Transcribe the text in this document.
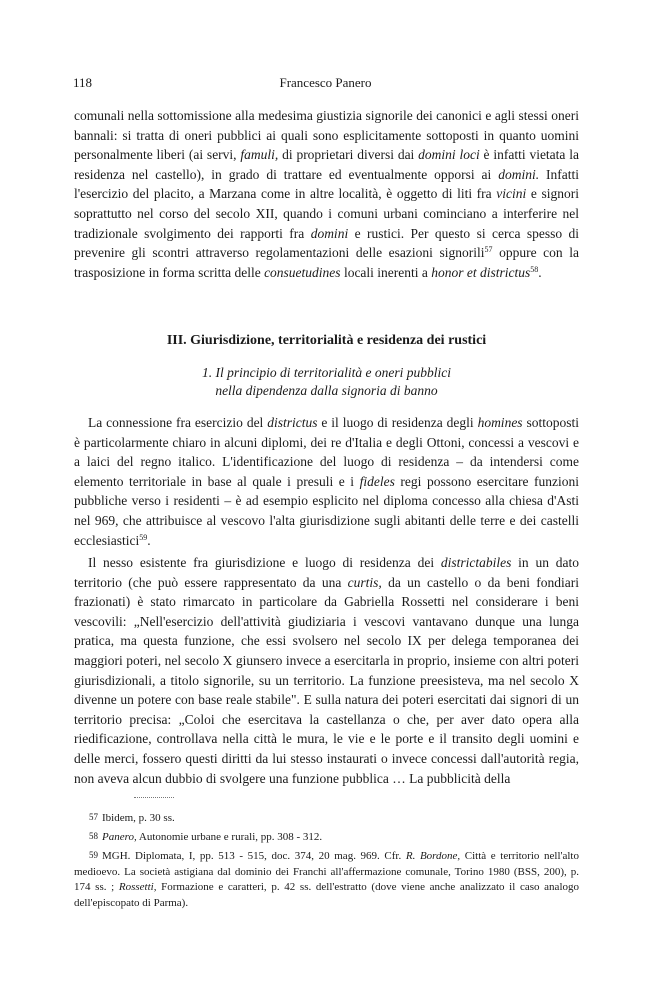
118	Francesco Panero

comunali nella sottomissione alla medesima giustizia signorile dei canonici e agli stessi oneri bannali: si tratta di oneri pubblici ai quali sono esplicitamente sottoposti in quanto uomini personalmente liberi (ai servi, famuli, di proprietari diversi dai domini loci è infatti vietata la residenza nel castello), in grado di trattare ed eventualmente opporsi ai domini. Infatti l'esercizio del placito, a Marzana come in altre località, è oggetto di liti fra vicini e signori soprattutto nel corso del secolo XII, quando i comuni urbani cominciano a interferire nel tradizionale svolgimento dei rapporti fra domini e rustici. Per questo si cerca spesso di prevenire gli scontri attraverso regolamentazioni delle esazioni signorili$^{57}$ oppure con la trasposizione in forma scritta delle consuetudines locali inerenti a honor et districtus$^{58}$.

III. Giurisdizione, territorialità e residenza dei rustici
1. Il principio di territorialità e oneri pubblici
nella dipendenza dalla signoria di banno

La connessione fra esercizio del districtus e il luogo di residenza degli homines sottoposti è particolarmente chiaro in alcuni diplomi, dei re d'Italia e degli Ottoni, concessi a vescovi e a laici del regno italico. L'identificazione del luogo di residenza – da intendersi come elemento territoriale in base al quale i presuli e i fideles regi possono esercitare funzioni pubbliche verso i residenti – è ad esempio esplicito nel diploma concesso alla chiesa d'Asti nel 969, che attribuisce al vescovo l'alta giurisdizione sugli abitanti delle terre e dei castelli ecclesiastici$^{59}$.

Il nesso esistente fra giurisdizione e luogo di residenza dei districtabiles in un dato territorio (che può essere rappresentato da una curtis, da un castello o da beni fondiari frazionati) è stato rimarcato in particolare da Gabriella Rossetti nel considerare i beni vescovili: „Nell'esercizio dell'attività giudiziaria i vescovi vantavano dunque una lunga pratica, ma questa funzione, che essi svolsero nel secolo IX per delega temporanea dei maggiori poteri, nel secolo X giunsero invece a esercitarla in proprio, insieme con altri poteri giurisdizionali, a titolo signorile, su un territorio. La funzione preesisteva, ma nel secolo X divenne un potere con base reale stabile". E sulla natura dei poteri esercitati dai signori di un territorio precisa: „Coloi che esercitava la castellanza o che, per aver dato opera alla riedificazione, controllava nella città le mura, le vie e le porte e il transito degli uomini e delle merci, fossero questi diritti da lui stesso instaurati o invece concessi dall'autorità regia, non aveva alcun dubbio di svolgere una funzione pubblica … La pubblicità della

57 Ibidem, p. 30 ss.
58 Panero, Autonomie urbane e rurali, pp. 308 - 312.
59 MGH. Diplomata, I, pp. 513 - 515, doc. 374, 20 mag. 969. Cfr. R. Bordone, Città e territorio nell'alto medioevo. La società astigiana dal dominio dei Franchi all'affermazione comunale, Torino 1980 (BSS, 200), p. 174 ss. ; Rossetti, Formazione e caratteri, p. 42 ss. dell'estratto (dove viene anche analizzato il caso analogo dell'episcopato di Parma).
